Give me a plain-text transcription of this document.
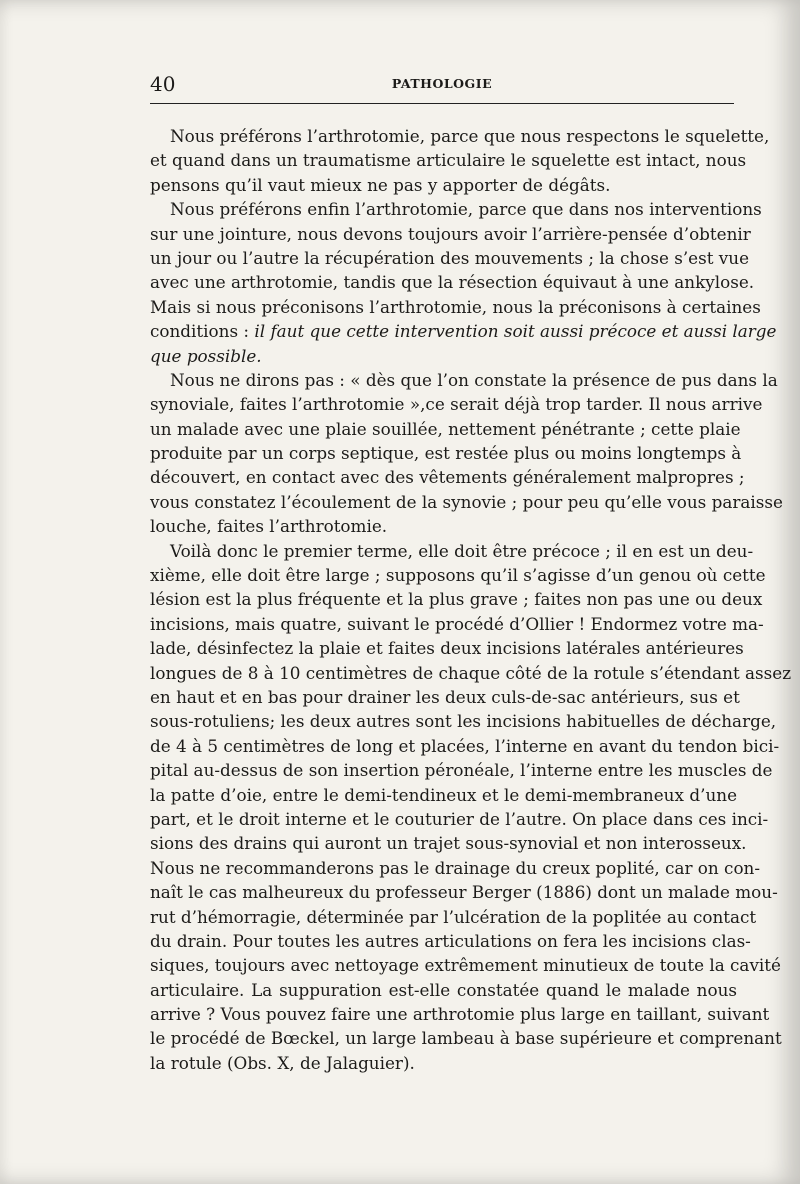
40	PATHOLOGIE
Nous préférons l’arthrotomie, parce que nous respectons le squelette,
et quand dans un traumatisme articulaire le squelette est intact, nous
pensons qu’il vaut mieux ne pas y apporter de dégâts.
Nous préférons enfin l’arthrotomie, parce que dans nos interventions
sur une jointure, nous devons toujours avoir l’arrière-pensée d’obtenir
un jour ou l’autre la récupération des mouvements ; la chose s’est vue
avec une arthrotomie, tandis que la résection équivaut à une ankylose.
Mais si nous préconisons l’arthrotomie, nous la préconisons à certaines
conditions : il faut que cette intervention soit aussi précoce et aussi large
que possible.
Nous ne dirons pas : « dès que l’on constate la présence de pus dans la
synoviale, faites l’arthrotomie »,ce serait déjà trop tarder. Il nous arrive
un malade avec une plaie souillée, nettement pénétrante ; cette plaie
produite par un corps septique, est restée plus ou moins longtemps à
découvert, en contact avec des vêtements généralement malpropres ;
vous constatez l’écoulement de la synovie ; pour peu qu’elle vous paraisse
louche, faites l’arthrotomie.
Voilà donc le premier terme, elle doit être précoce ; il en est un deu-
xième, elle doit être large ; supposons qu’il s’agisse d’un genou où cette
lésion est la plus fréquente et la plus grave ; faites non pas une ou deux
incisions, mais quatre, suivant le procédé d’Ollier ! Endormez votre ma-
lade, désinfectez la plaie et faites deux incisions latérales antérieures
longues de 8 à 10 centimètres de chaque côté de la rotule s’étendant assez
en haut et en bas pour drainer les deux culs-de-sac antérieurs, sus et
sous-rotuliens; les deux autres sont les incisions habituelles de décharge,
de 4 à 5 centimètres de long et placées, l’interne en avant du tendon bici-
pital au-dessus de son insertion péronéale, l’interne entre les muscles de
la patte d’oie, entre le demi-tendineux et le demi-membraneux d’une
part, et le droit interne et le couturier de l’autre. On place dans ces inci-
sions des drains qui auront un trajet sous-synovial et non interosseux.
Nous ne recommanderons pas le drainage du creux poplité, car on con-
naît le cas malheureux du professeur Berger (1886) dont un malade mou-
rut d’hémorragie, déterminée par l’ulcération de la poplitée au contact
du drain. Pour toutes les autres articulations on fera les incisions clas-
siques, toujours avec nettoyage extrêmement minutieux de toute la cavité
articulaire. La suppuration est-elle constatée quand le malade nous
arrive ? Vous pouvez faire une arthrotomie plus large en taillant, suivant
le procédé de Bœckel, un large lambeau à base supérieure et comprenant
la rotule (Obs. X, de Jalaguier).
